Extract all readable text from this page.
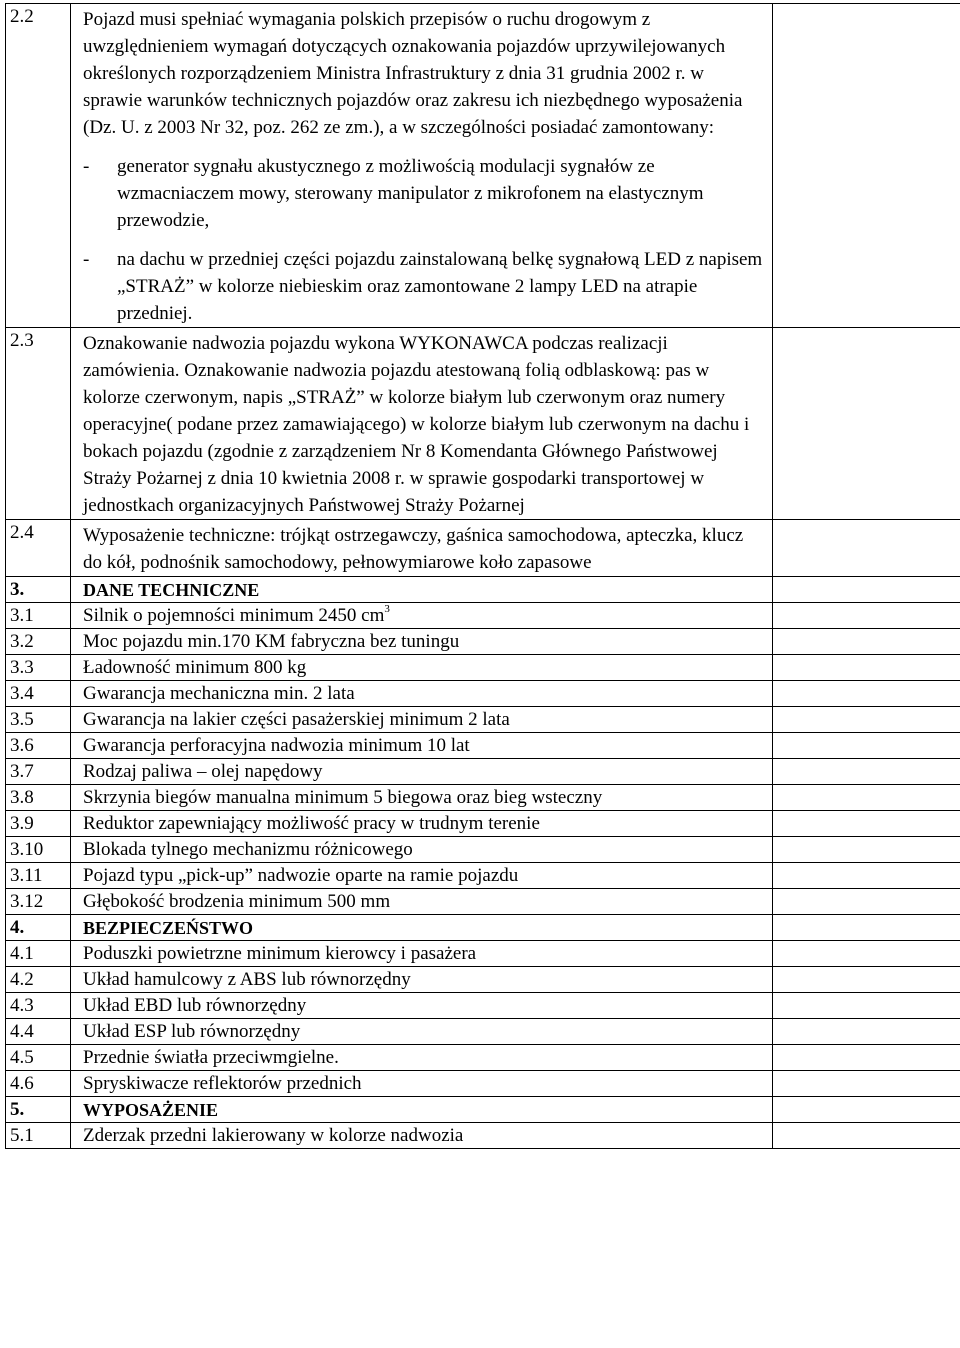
2.2	Pojazd musi spełniać wymagania polskich przepisów o ruchu drogowym z uwzględnieniem wymagań dotyczących oznakowania pojazdów uprzywilejowanych określonych rozporządzeniem Ministra Infrastruktury z dnia 31 grudnia 2002 r. w sprawie warunków technicznych pojazdów oraz zakresu ich niezbędnego wyposażenia (Dz. U. z 2003 Nr 32, poz. 262 ze zm.), a w szczególności posiadać zamontowany:
- generator sygnału akustycznego z możliwością modulacji sygnałów ze wzmacniaczem mowy, sterowany manipulator z mikrofonem na elastycznym przewodzie,
- na dachu w przedniej części pojazdu zainstalowaną belkę sygnałową LED z napisem „STRAŻ” w kolorze niebieskim oraz zamontowane 2 lampy LED na atrapie przedniej.	

2.3	Oznakowanie nadwozia pojazdu wykona WYKONAWCA podczas realizacji zamówienia. Oznakowanie nadwozia pojazdu atestowaną folią odblaskową: pas w kolorze czerwonym, napis „STRAŻ” w kolorze białym lub czerwonym oraz numery operacyjne( podane przez zamawiającego) w kolorze białym lub czerwonym na dachu i bokach pojazdu (zgodnie z zarządzeniem Nr 8 Komendanta Głównego Państwowej Straży Pożarnej z dnia 10 kwietnia 2008 r. w sprawie gospodarki transportowej w jednostkach organizacyjnych Państwowej Straży Pożarnej	

2.4	Wyposażenie techniczne: trójkąt ostrzegawczy, gaśnica samochodowa, apteczka, klucz do kół, podnośnik samochodowy, pełnowymiarowe koło zapasowe	

3.	DANE TECHNICZNE	
3.1	Silnik o pojemności minimum 2450 $cm^3$	
3.2	Moc pojazdu min.170 KM fabryczna bez tuningu	
3.3	Ładowność minimum 800 kg	
3.4	Gwarancja mechaniczna min. 2 lata	
3.5	Gwarancja na lakier części pasażerskiej minimum 2 lata	
3.6	Gwarancja perforacyjna nadwozia minimum 10 lat	
3.7	Rodzaj paliwa – olej napędowy	
3.8	Skrzynia biegów manualna minimum 5 biegowa oraz bieg wsteczny	
3.9	Reduktor zapewniający możliwość pracy w trudnym terenie	
3.10	Blokada tylnego mechanizmu różnicowego	
3.11	Pojazd typu „pick-up” nadwozie oparte na ramie pojazdu	
3.12	Głębokość brodzenia minimum 500 mm	
4.	BEZPIECZEŃSTWO	
4.1	Poduszki powietrzne minimum kierowcy i pasażera	
4.2	Układ hamulcowy z ABS lub równorzędny	
4.3	Układ EBD lub równorzędny	
4.4	Układ ESP lub równorzędny	
4.5	Przednie światła przeciwmgielne.	
4.6	Spryskiwacze reflektorów przednich	
5.	WYPOSAŻENIE	
5.1	Zderzak przedni lakierowany w kolorze nadwozia	
